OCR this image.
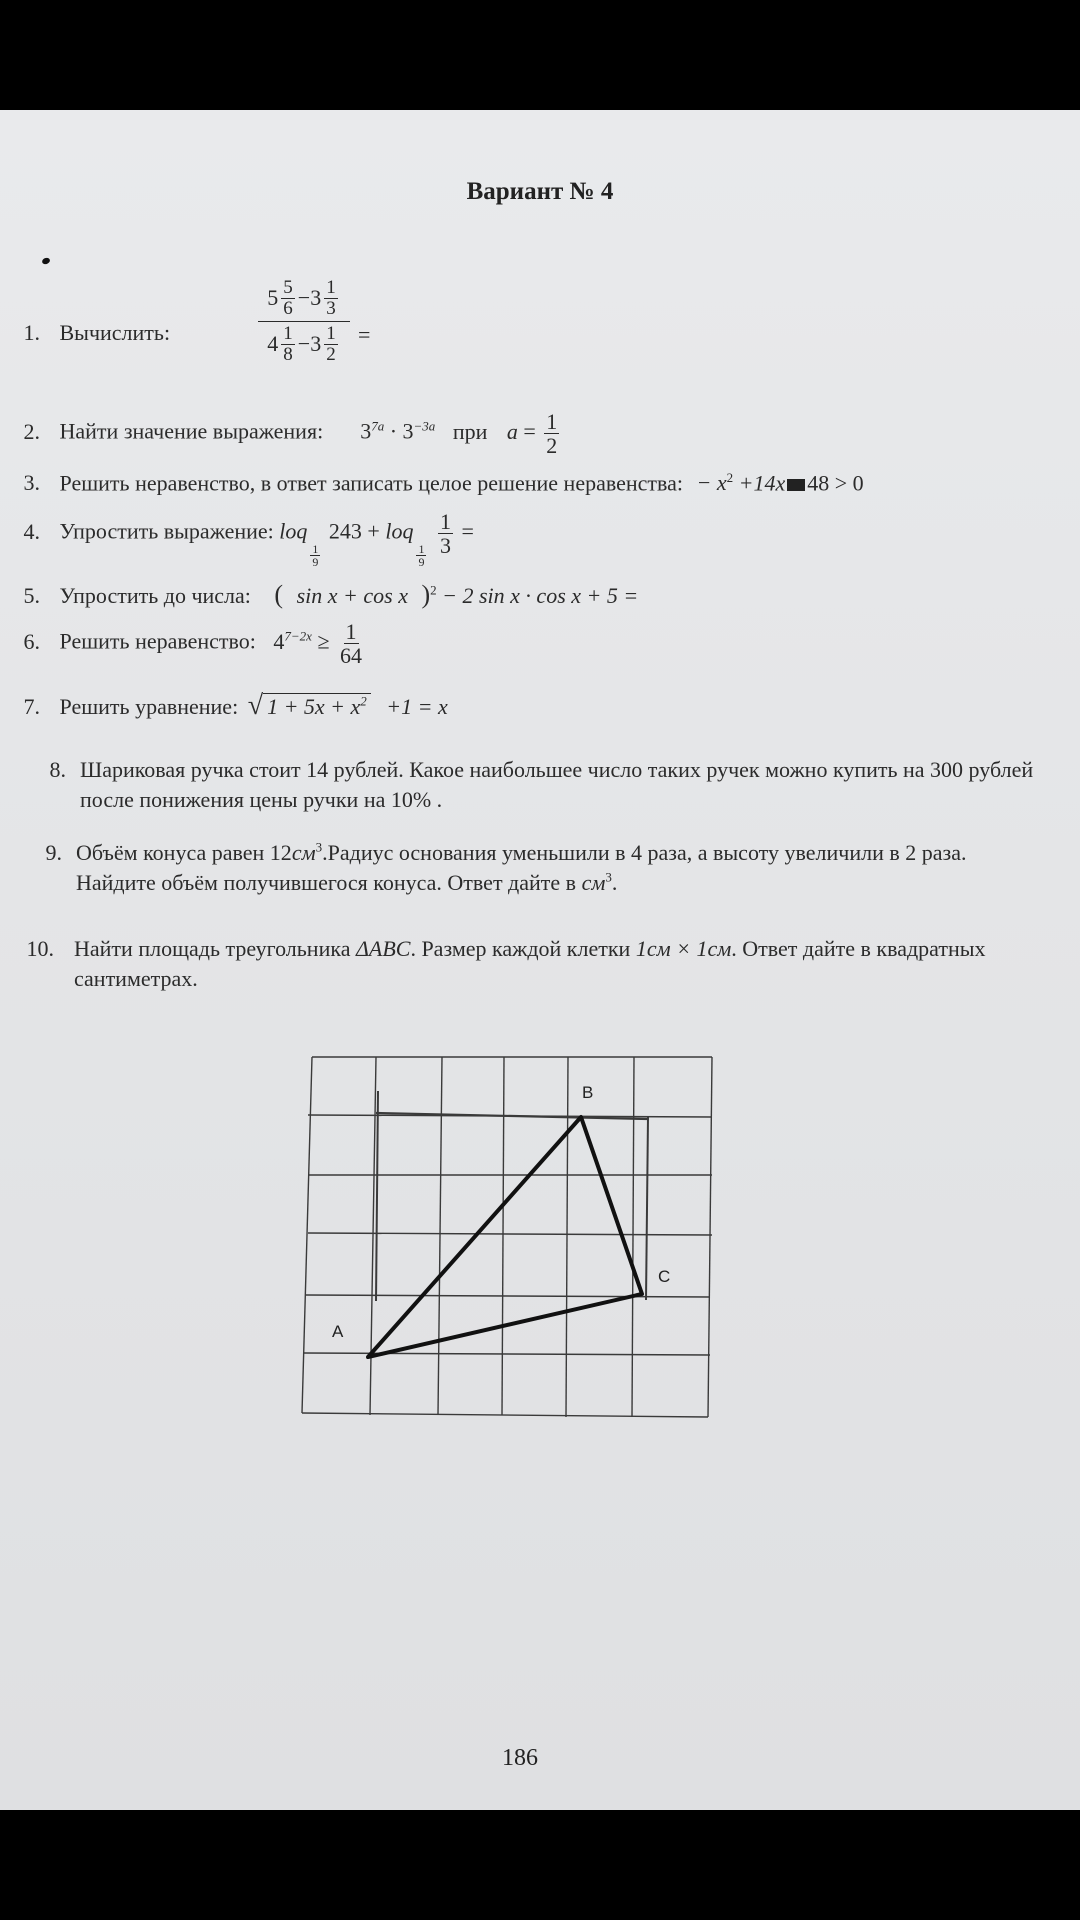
Вариант № 4
1. Вычислить:	$\frac{5 \frac{5}{6} - 3 \frac{1}{3}}{4 \frac{1}{8} - 3 \frac{1}{2}}$ =
2. Найти значение выражения: $3^{7a} \cdot 3^{-3a}$ при $a = \frac{1}{2}$
3. Решить неравенство, в ответ записать целое решение неравенства: − $x^2 +14x$ 48 > 0
4. Упростить выражение: loq
$\frac{1}{9}$
243 + loq
$\frac{1}{9}$
$\frac{1}{3}$ =
5. Упростить до числа: ( sin x + cos x )$^2$ − 2 sin x · cos x + 5 =
6. Решить неравенство: $4^{7-2x} \ge \frac{1}{64}$
7. Решить уравнение: √ $1 + 5x + x^2 +1 = x$
8. Шариковая ручка стоит 14 рублей. Какое наибольшее число таких ручек можно купить на 300 рублей после понижения цены ручки на 10% .
9. Объём конуса равен $12см^3.Радиус$ основания уменьшили в 4 раза, а высоту увеличили в 2 раза. Найдите объём получившегося конуса. Ответ дайте в $см^3$.
10. Найти площадь треугольника ΔABC. Размер каждой клетки 1см × 1см. Ответ дайте в квадратных сантиметрах.
B
C
A
186
